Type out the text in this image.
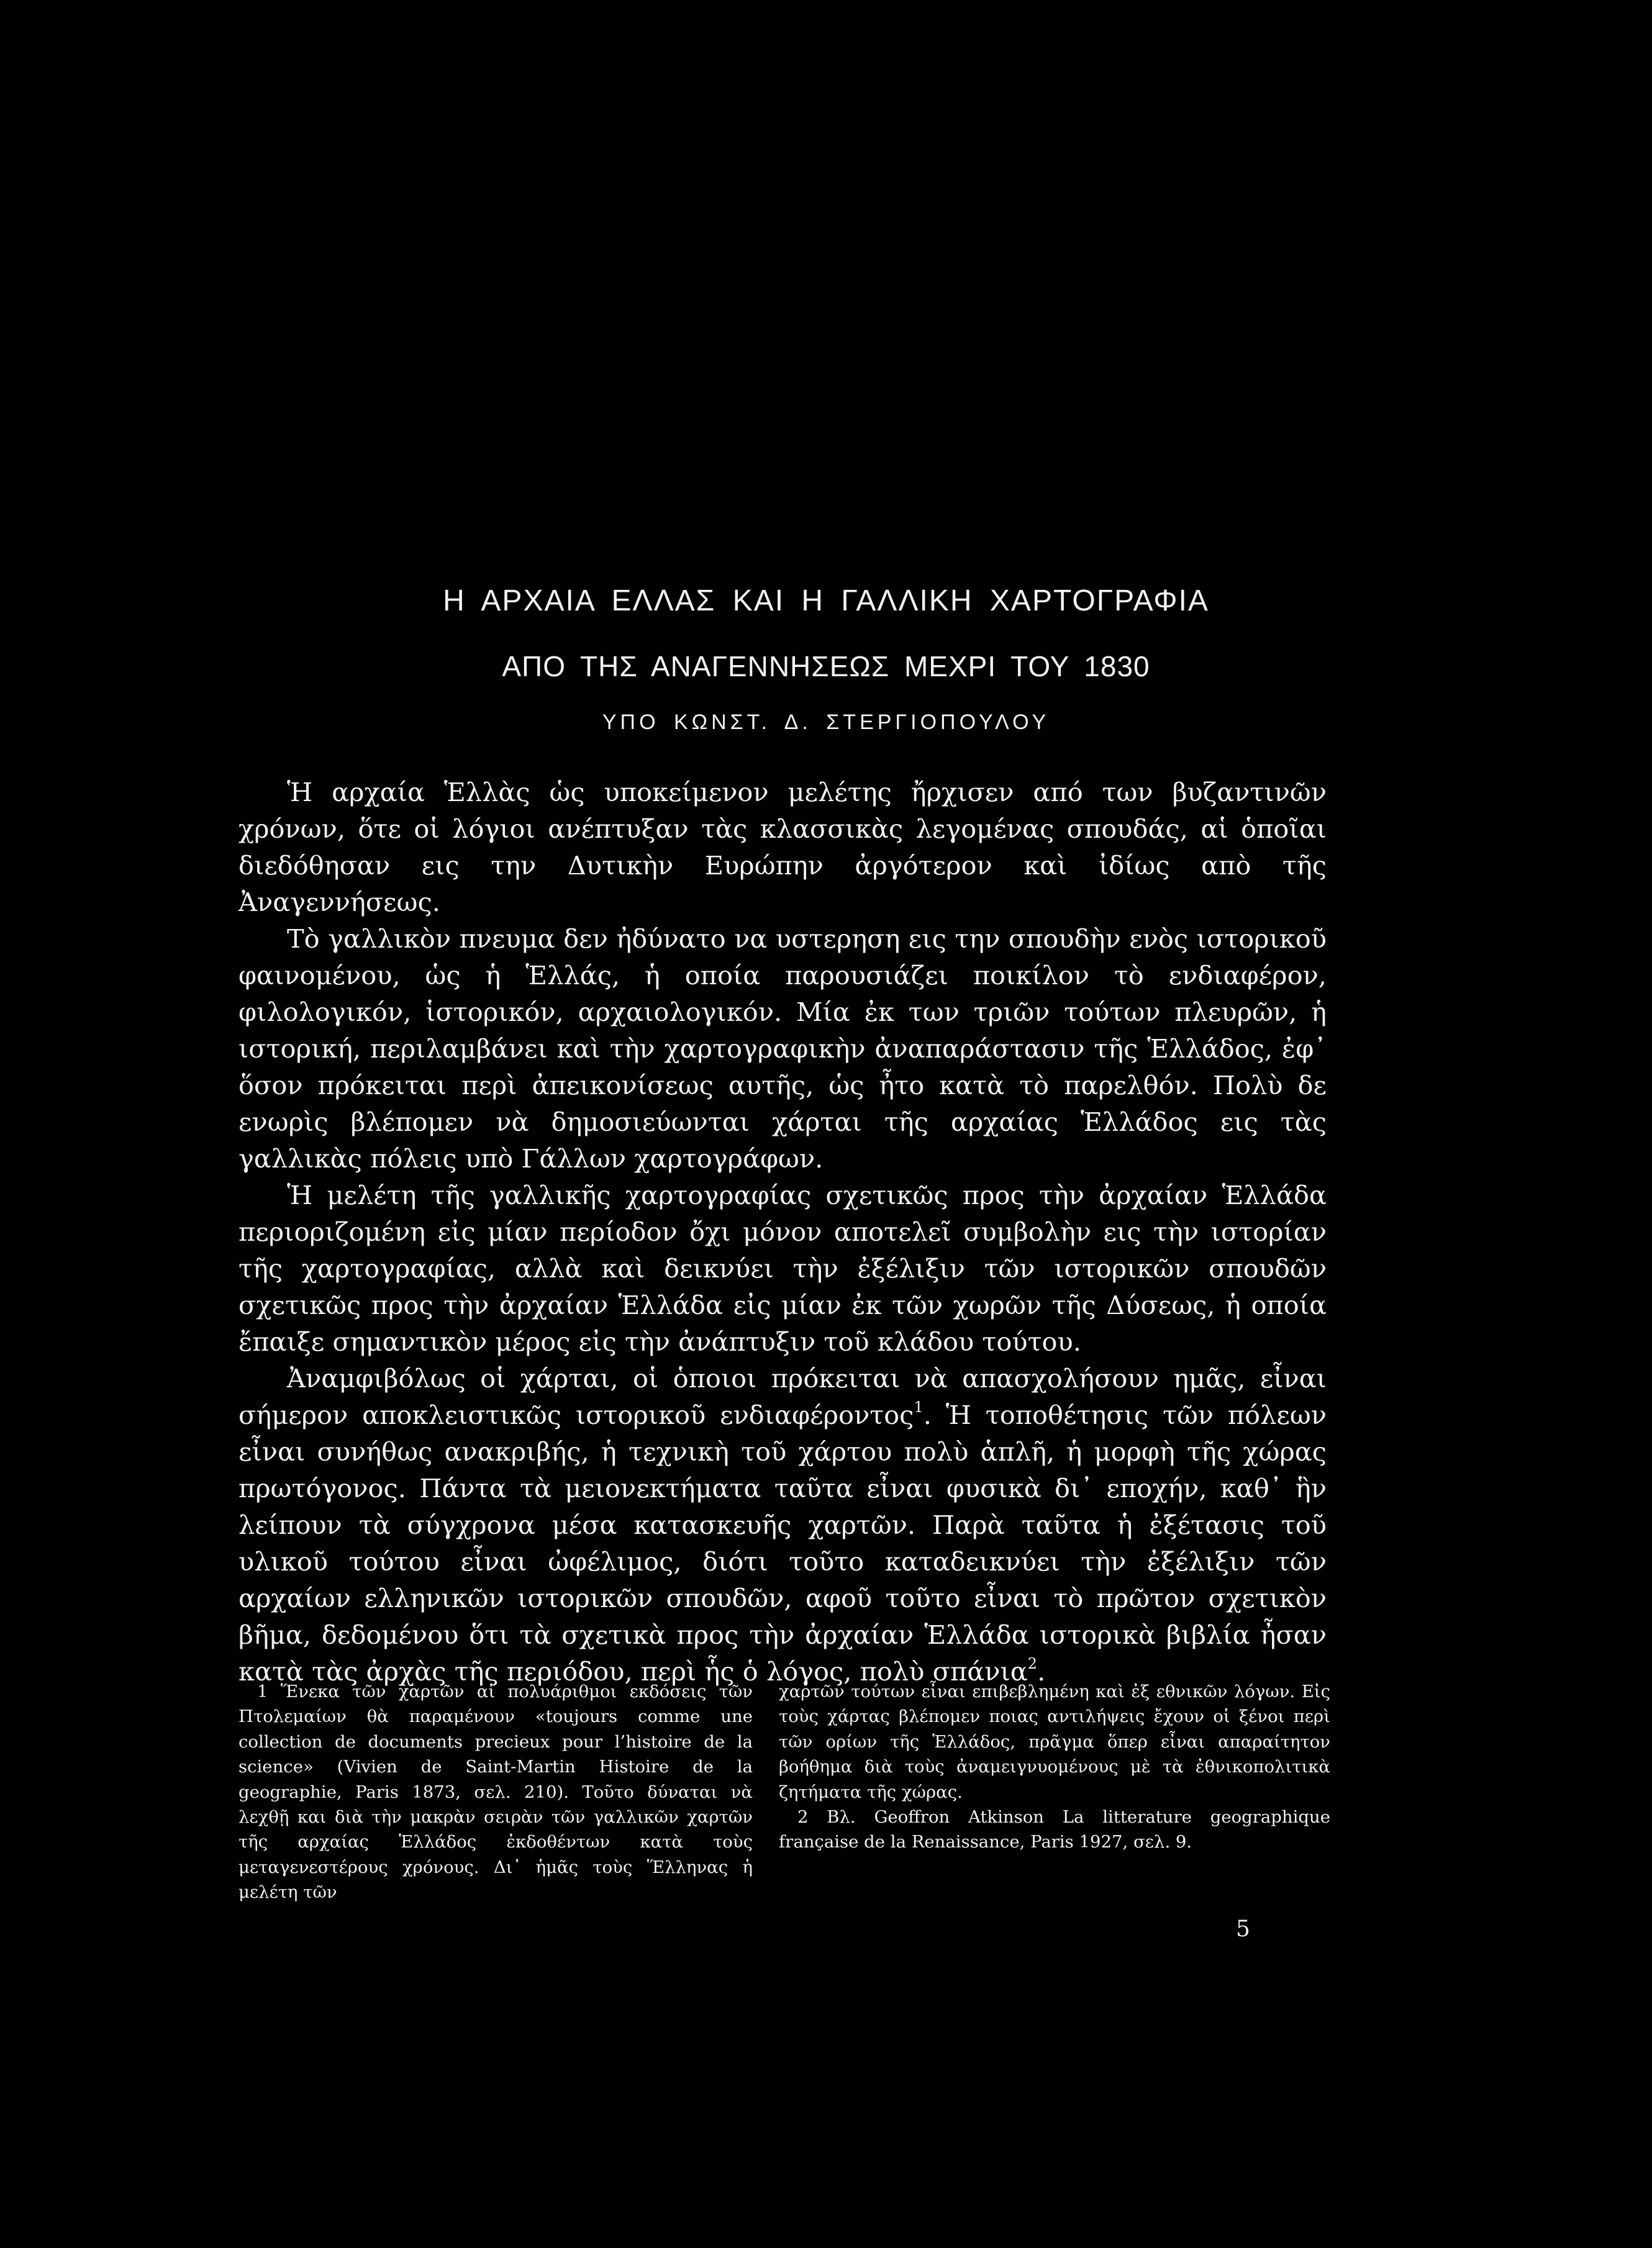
Η ΑΡΧΑΙΑ ΕΛΛΑΣ ΚΑΙ Η ΓΑΛΛΙΚΗ ΧΑΡΤΟΓΡΑΦΙΑ
ΑΠΟ ΤΗΣ ΑΝΑΓΕΝΝΗΣΕΩΣ ΜΕΧΡΙ ΤΟΥ 1830
ΥΠΟ ΚΩΝΣΤ. Δ. ΣΤΕΡΓΙΟΠΟΥΛΟΥ

Ἡ αρχαία Ἑλλὰς ὡς υποκείμενον μελέτης ἤρχισεν από των βυζαντινῶν χρόνων, ὅτε οἱ λόγιοι ανέπτυξαν τὰς κλασσικὰς λεγομένας σπουδάς, αἱ ὁποῖαι διεδόθησαν εις την Δυτικὴν Ευρώπην ἀργότερον καὶ ἰδίως απὸ τῆς Ἀναγεννήσεως.

Τὸ γαλλικὸν πνευμα δεν ἠδύνατο να υστερηση εις την σπουδὴν ενὸς ιστορικοῦ φαινομένου, ὡς ἡ Ἑλλάς, ἡ οποία παρουσιάζει ποικίλον τὸ ενδιαφέρον, φιλολογικόν, ἱστορικόν, αρχαιολογικόν. Μία ἐκ των τριῶν τούτων πλευρῶν, ἡ ιστορική, περιλαμβάνει καὶ τὴν χαρτογραφικὴν ἀναπαράστασιν τῆς Ἑλλάδος, ἐφ᾽ ὅσον πρόκειται περὶ ἀπεικονίσεως αυτῆς, ὡς ἦτο κατὰ τὸ παρελθόν. Πολὺ δε ενωρὶς βλέπομεν νὰ δημοσιεύωνται χάρται τῆς αρχαίας Ἑλλάδος εις τὰς γαλλικὰς πόλεις υπὸ Γάλλων χαρτογράφων.

Ἡ μελέτη τῆς γαλλικῆς χαρτογραφίας σχετικῶς προς τὴν ἀρχαίαν Ἑλλάδα περιοριζομένη εἰς μίαν περίοδον ὄχι μόνον αποτελεῖ συμβολὴν εις τὴν ιστορίαν τῆς χαρτογραφίας, αλλὰ καὶ δεικνύει τὴν ἐξέλιξιν τῶν ιστορικῶν σπουδῶν σχετικῶς προς τὴν ἀρχαίαν Ἑλλάδα εἰς μίαν ἐκ τῶν χωρῶν τῆς Δύσεως, ἡ οποία ἔπαιξε σημαντικὸν μέρος εἰς τὴν ἀνάπτυξιν τοῦ κλάδου τούτου.

Ἀναμφιβόλως οἱ χάρται, οἱ ὁποιοι πρόκειται νὰ απασχολήσουν ημᾶς, εἶναι σήμερον αποκλειστικῶς ιστορικοῦ ενδιαφέροντος$^1$. Ἡ τοποθέτησις τῶν πόλεων εἶναι συνήθως ανακριβής, ἡ τεχνικὴ τοῦ χάρτου πολὺ ἁπλῆ, ἡ μορφὴ τῆς χώρας πρωτόγονος. Πάντα τὰ μειονεκτήματα ταῦτα εἶναι φυσικὰ δι᾽ εποχήν, καθ᾽ ἣν λείπουν τὰ σύγχρονα μέσα κατασκευῆς χαρτῶν. Παρὰ ταῦτα ἡ ἐξέτασις τοῦ υλικοῦ τούτου εἶναι ὠφέλιμος, διότι τοῦτο καταδεικνύει τὴν ἐξέλιξιν τῶν αρχαίων ελληνικῶν ιστορικῶν σπουδῶν, αφοῦ τοῦτο εἶναι τὸ πρῶτον σχετικὸν βῆμα, δεδομένου ὅτι τὰ σχετικὰ προς τὴν ἀρχαίαν Ἑλλάδα ιστορικὰ βιβλία ἦσαν κατὰ τὰς ἀρχὰς τῆς περιόδου, περὶ ἧς ὁ λόγος, πολὺ σπάνια$^2$.

1 Ἕνεκα τῶν χαρτῶν αἱ πολυάριθμοι εκδόσεις τῶν Πτολεμαίων θὰ παραμένουν «toujours comme une collection de documents precieux pour l’histoire de la science» (Vivien de Saint-Martin Histoire de la geographie, Paris 1873, σελ. 210). Τοῦτο δύναται νὰ λεχθῇ και διὰ τὴν μακρὰν σειρὰν τῶν γαλλικῶν χαρτῶν τῆς αρχαίας Ἑλλάδος ἐκδοθέντων κατὰ τοὺς μεταγενεστέρους χρόνους. Δι᾽ ἡμᾶς τοὺς Ἕλληνας ἡ μελέτη τῶν

χαρτῶν τούτων εἶναι επιβεβλημένη καὶ ἐξ εθνικῶν λόγων. Εἰς τοὺς χάρτας βλέπομεν ποιας αντιλήψεις ἔχουν οἱ ξένοι περὶ τῶν ορίων τῆς Ἑλλάδος, πρᾶγμα ὅπερ εἶναι απαραίτητον βοήθημα διὰ τοὺς ἀναμειγνυομένους μὲ τὰ ἐθνικοπολιτικὰ ζητήματα τῆς χώρας.

2 Βλ. Geoffron Atkinson La litterature geographique française de la Renaissance, Paris 1927, σελ. 9.

5
